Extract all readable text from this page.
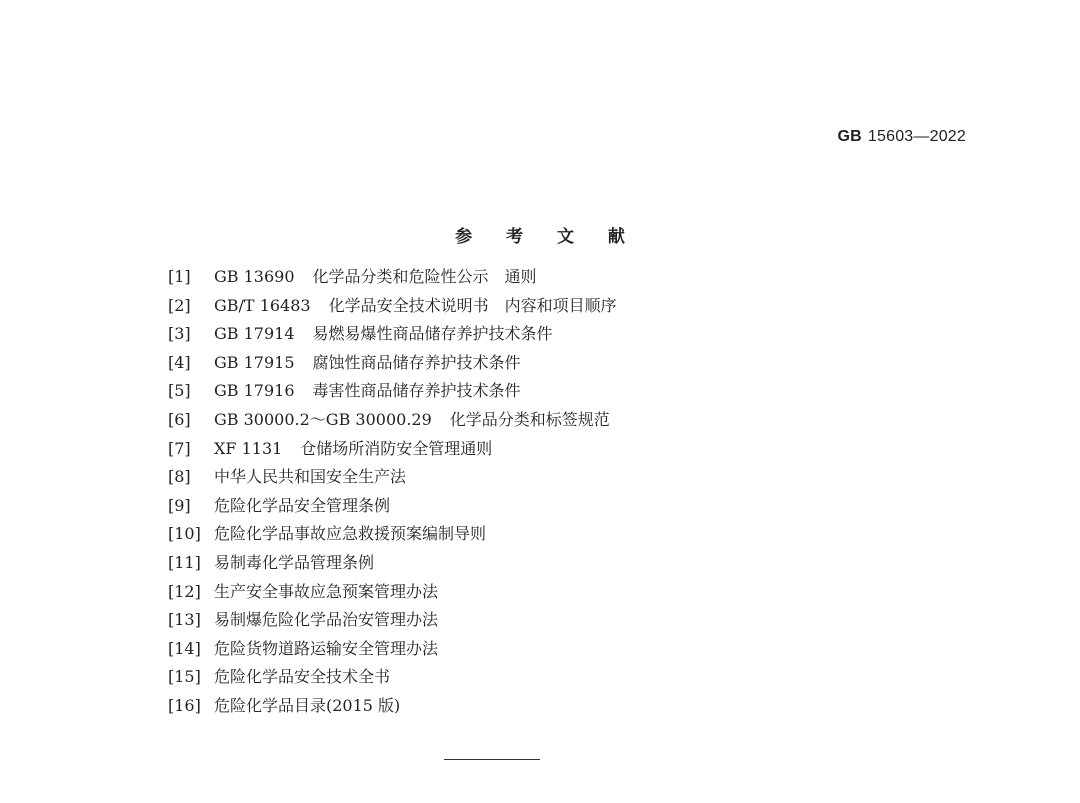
GB 15603—2022
参 考 文 献
[1] GB 13690 化学品分类和危险性公示　通则
[2] GB/T 16483 化学品安全技术说明书　内容和项目顺序
[3] GB 17914 易燃易爆性商品储存养护技术条件
[4] GB 17915 腐蚀性商品储存养护技术条件
[5] GB 17916 毒害性商品储存养护技术条件
[6] GB 30000.2～GB 30000.29 化学品分类和标签规范
[7] XF 1131 仓储场所消防安全管理通则
[8] 中华人民共和国安全生产法
[9] 危险化学品安全管理条例
[10] 危险化学品事故应急救援预案编制导则
[11] 易制毒化学品管理条例
[12] 生产安全事故应急预案管理办法
[13] 易制爆危险化学品治安管理办法
[14] 危险货物道路运输安全管理办法
[15] 危险化学品安全技术全书
[16] 危险化学品目录(2015 版)
